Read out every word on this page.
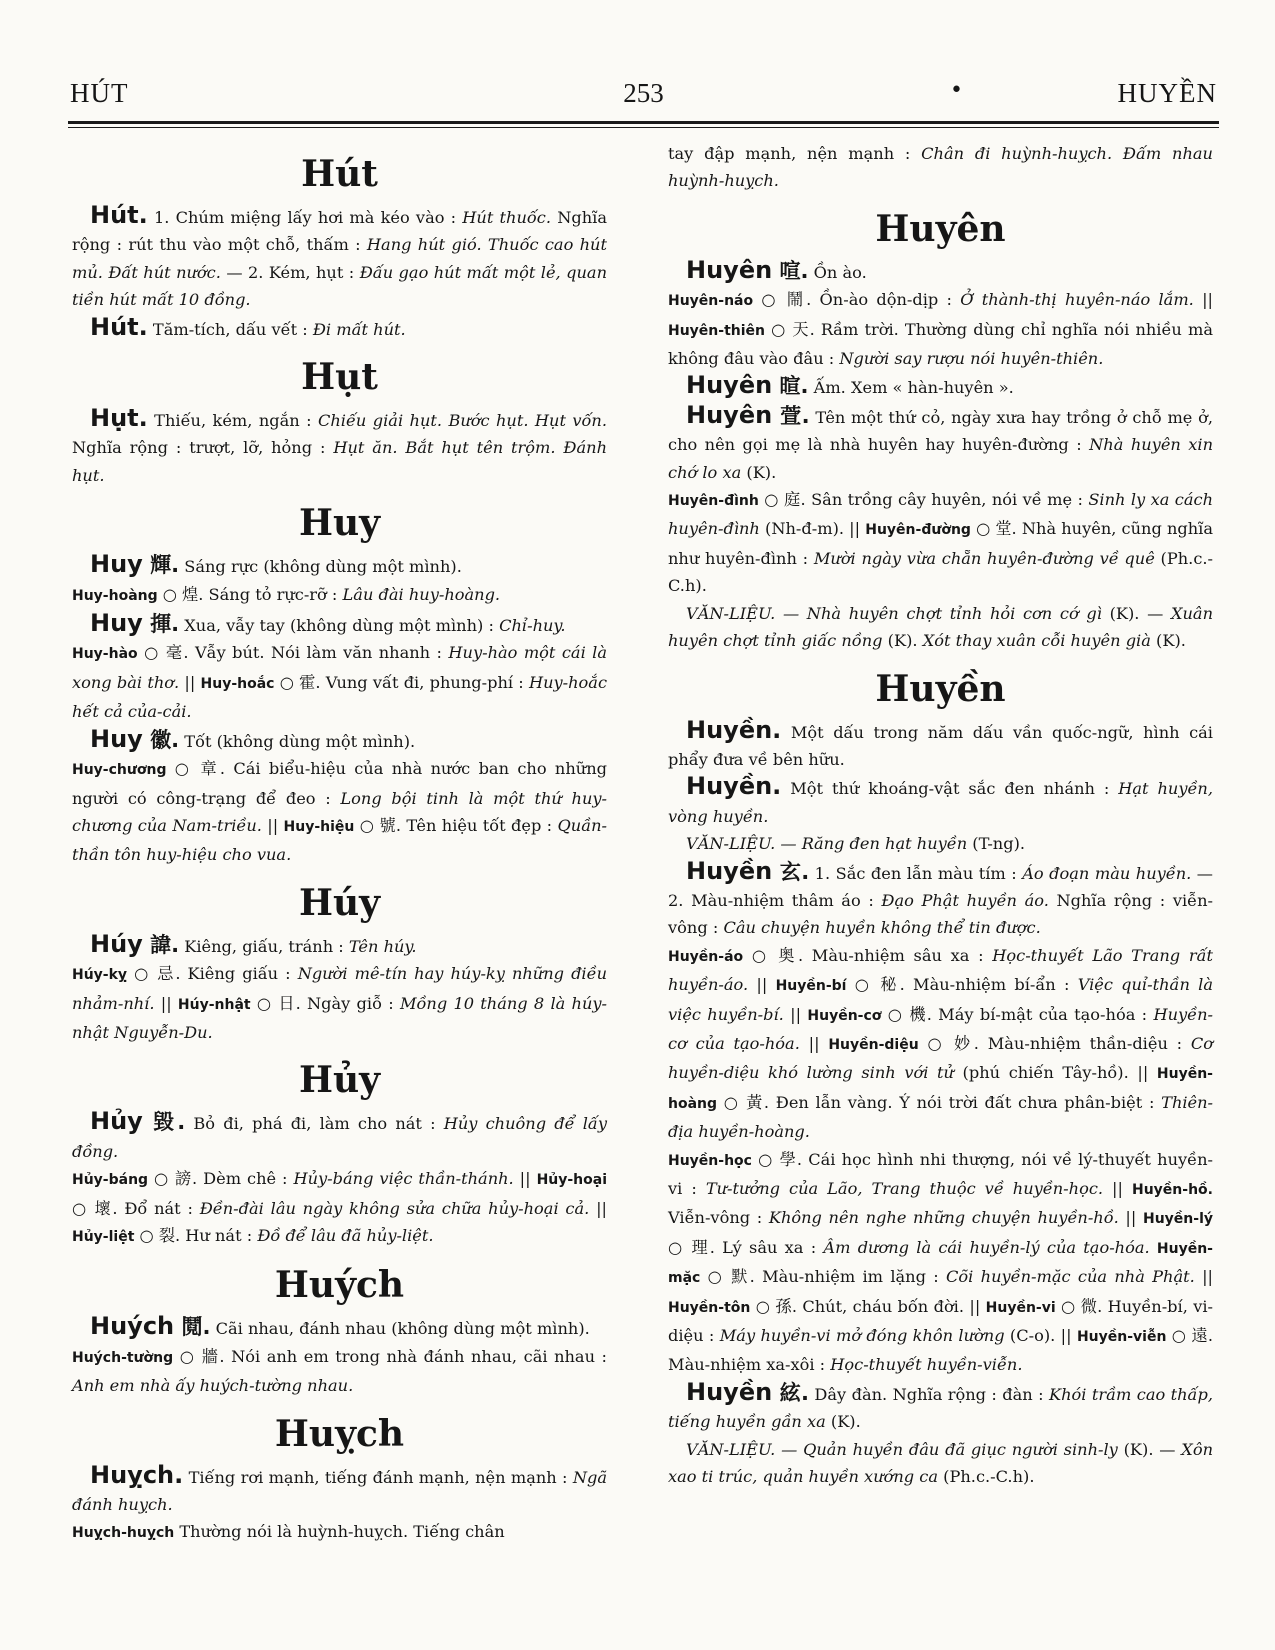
HÚT	253	•	HUYỀN
Hút

Hút. 1. Chúm miệng lấy hơi mà kéo vào : Hút thuốc. Nghĩa rộng : rút thu vào một chỗ, thấm : Hang hút gió. Thuốc cao hút mủ. Đất hút nước. — 2. Kém, hụt : Đấu gạo hút mất một lẻ, quan tiền hút mất 10 đồng.

Hút. Tăm-tích, dấu vết : Đi mất hút.

Hụt

Hụt. Thiếu, kém, ngắn : Chiếu giải hụt. Bước hụt. Hụt vốn. Nghĩa rộng : trượt, lỡ, hỏng : Hụt ăn. Bắt hụt tên trộm. Đánh hụt.

Huy

Huy 輝. Sáng rực (không dùng một mình).

Huy-hoàng ○ 煌. Sáng tỏ rực-rỡ : Lâu đài huy-hoàng.

Huy 揮. Xua, vẫy tay (không dùng một mình) : Chỉ-huy.

Huy-hào ○ 毫. Vẫy bút. Nói làm văn nhanh : Huy-hào một cái là xong bài thơ. || Huy-hoắc ○ 霍. Vung vất đi, phung-phí : Huy-hoắc hết cả của-cải.

Huy 徽. Tốt (không dùng một mình).

Huy-chương ○ 章. Cái biểu-hiệu của nhà nước ban cho những người có công-trạng để đeo : Long bội tinh là một thứ huy-chương của Nam-triều. || Huy-hiệu ○ 號. Tên hiệu tốt đẹp : Quần-thần tôn huy-hiệu cho vua.

Húy

Húy 諱. Kiêng, giấu, tránh : Tên húy.

Húy-kỵ ○ 忌. Kiêng giấu : Người mê-tín hay húy-kỵ những điều nhảm-nhí. || Húy-nhật ○ 日. Ngày giỗ : Mồng 10 tháng 8 là húy-nhật Nguyễn-Du.

Hủy

Hủy 毀. Bỏ đi, phá đi, làm cho nát : Hủy chuông để lấy đồng.

Hủy-báng ○ 謗. Dèm chê : Hủy-báng việc thần-thánh. || Hủy-hoại ○ 壞. Đổ nát : Đền-đài lâu ngày không sửa chữa hủy-hoại cả. || Hủy-liệt ○ 裂. Hư nát : Đồ để lâu đã hủy-liệt.

Huých

Huých 鬩. Cãi nhau, đánh nhau (không dùng một mình).

Huých-tường ○ 牆. Nói anh em trong nhà đánh nhau, cãi nhau : Anh em nhà ấy huých-tường nhau.

Huỵch

Huỵch. Tiếng rơi mạnh, tiếng đánh mạnh, nện mạnh : Ngã đánh huỵch.

Huỵch-huỵch Thường nói là huỳnh-huỵch. Tiếng chân

tay đập mạnh, nện mạnh : Chân đi huỳnh-huỵch. Đấm nhau huỳnh-huỵch.

Huyên

Huyên 喧. Ồn ào.

Huyên-náo ○ 鬧. Ồn-ào dộn-dịp : Ở thành-thị huyên-náo lắm. || Huyên-thiên ○ 天. Rầm trời. Thường dùng chỉ nghĩa nói nhiều mà không đâu vào đâu : Người say rượu nói huyên-thiên.

Huyên 暄. Ấm. Xem « hàn-huyên ».

Huyên 萱. Tên một thứ cỏ, ngày xưa hay trồng ở chỗ mẹ ở, cho nên gọi mẹ là nhà huyên hay huyên-đường : Nhà huyên xin chớ lo xa (K).

Huyên-đình ○ 庭. Sân trồng cây huyên, nói về mẹ : Sinh ly xa cách huyên-đình (Nh-đ-m). || Huyên-đường ○ 堂. Nhà huyên, cũng nghĩa như huyên-đình : Mười ngày vừa chẵn huyên-đường về quê (Ph.c.-C.h).

VĂN-LIỆU. — Nhà huyên chợt tỉnh hỏi cơn cớ gì (K). — Xuân huyên chợt tỉnh giấc nồng (K). Xót thay xuân cỗi huyên già (K).

Huyền

Huyền. Một dấu trong năm dấu vần quốc-ngữ, hình cái phẩy đưa về bên hữu.

Huyền. Một thứ khoáng-vật sắc đen nhánh : Hạt huyền, vòng huyền.

VĂN-LIỆU. — Răng đen hạt huyền (T-ng).

Huyền 玄. 1. Sắc đen lẫn màu tím : Áo đoạn màu huyền. — 2. Màu-nhiệm thâm áo : Đạo Phật huyền áo. Nghĩa rộng : viễn-vông : Câu chuyện huyền không thể tin được.

Huyền-áo ○ 奥. Màu-nhiệm sâu xa : Học-thuyết Lão Trang rất huyền-áo. || Huyền-bí ○ 秘. Màu-nhiệm bí-ẩn : Việc quỉ-thần là việc huyền-bí. || Huyền-cơ ○ 機. Máy bí-mật của tạo-hóa : Huyền-cơ của tạo-hóa. || Huyền-diệu ○ 妙. Màu-nhiệm thần-diệu : Cơ huyền-diệu khó lường sinh với tử (phú chiến Tây-hồ). || Huyền-hoàng ○ 黃. Đen lẫn vàng. Ý nói trời đất chưa phân-biệt : Thiên-địa huyền-hoàng.

Huyền-học ○ 學. Cái học hình nhi thượng, nói về lý-thuyết huyền-vi : Tư-tưởng của Lão, Trang thuộc về huyền-học. || Huyền-hồ. Viễn-vông : Không nên nghe những chuyện huyền-hồ. || Huyền-lý ○ 理. Lý sâu xa : Âm dương là cái huyền-lý của tạo-hóa. Huyền-mặc ○ 默. Màu-nhiệm im lặng : Cõi huyền-mặc của nhà Phật. || Huyền-tôn ○ 孫. Chút, cháu bốn đời. || Huyền-vi ○ 微. Huyền-bí, vi-diệu : Máy huyền-vi mở đóng khôn lường (C-o). || Huyền-viễn ○ 遠. Màu-nhiệm xa-xôi : Học-thuyết huyền-viễn.

Huyền 絃. Dây đàn. Nghĩa rộng : đàn : Khói trầm cao thấp, tiếng huyền gần xa (K).

VĂN-LIỆU. — Quản huyền đâu đã giục người sinh-ly (K). — Xôn xao ti trúc, quản huyền xướng ca (Ph.c.-C.h).
